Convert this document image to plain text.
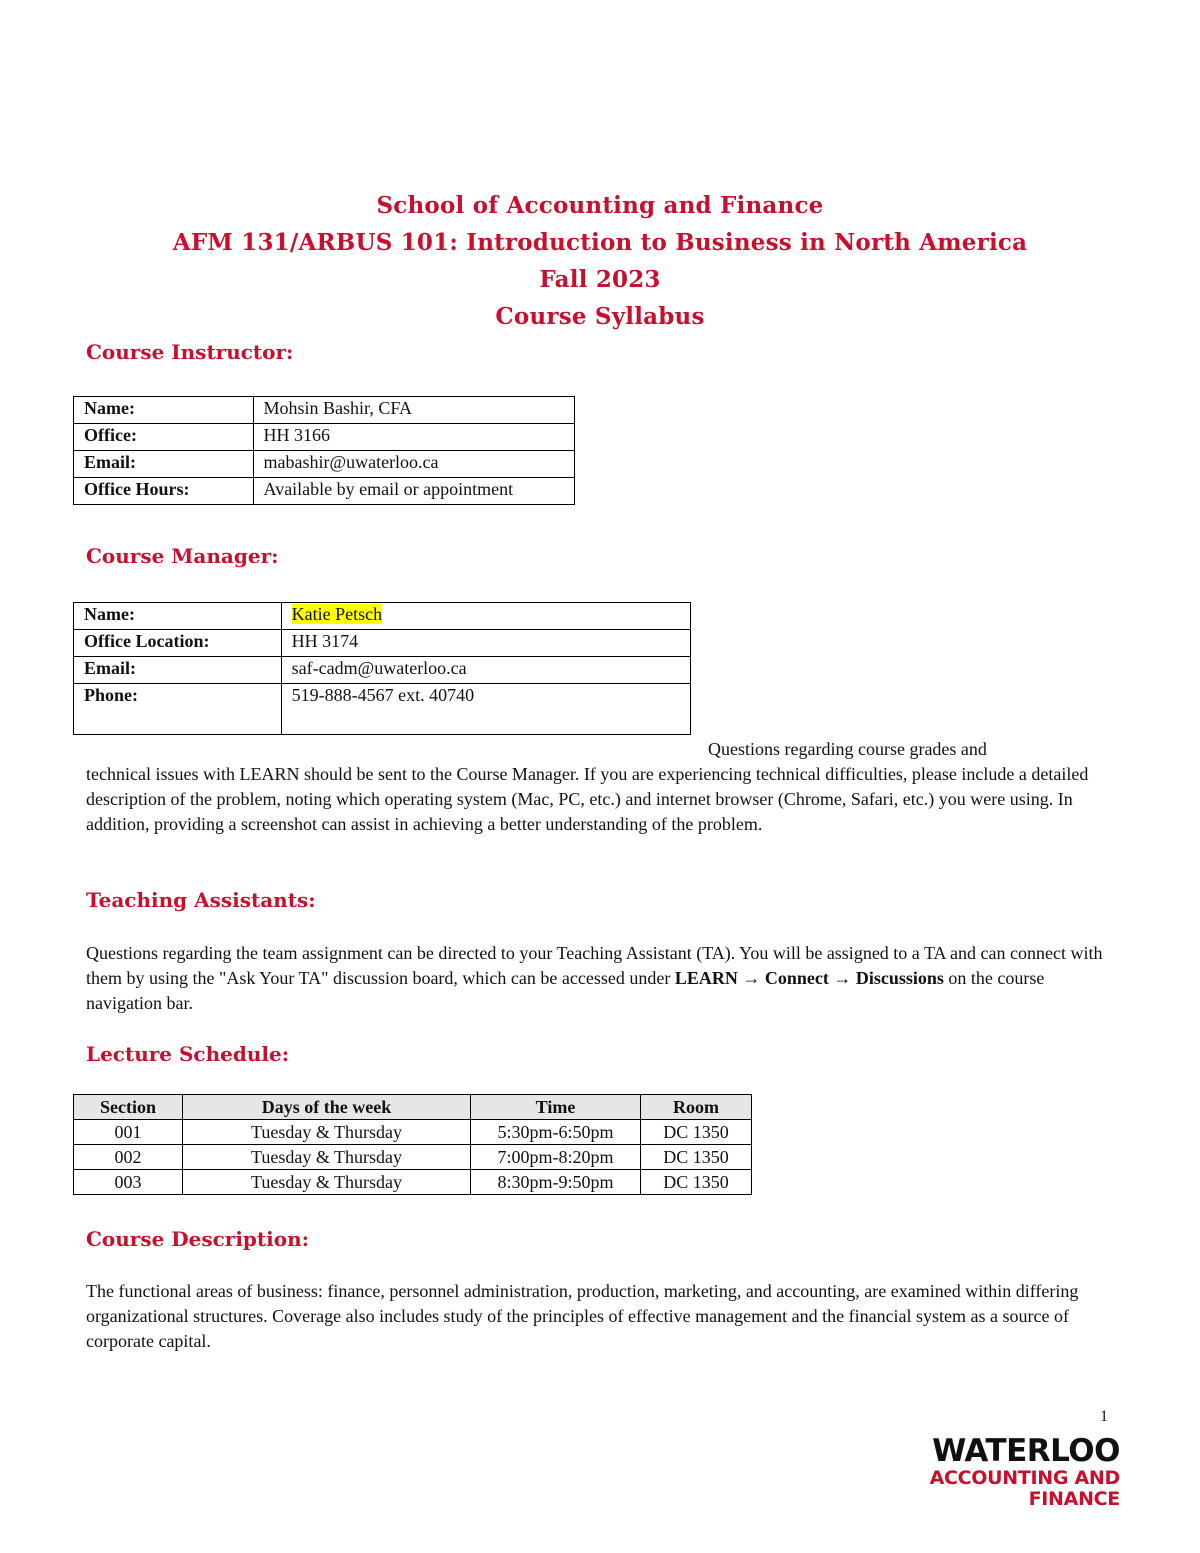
School of Accounting and Finance
AFM 131/ARBUS 101: Introduction to Business in North America
Fall 2023
Course Syllabus
Course Instructor:
Name:	Mohsin Bashir, CFA
Office:	HH 3166
Email:	mabashir@uwaterloo.ca
Office Hours:	Available by email or appointment
Course Manager:
Name:	Katie Petsch
Office Location:	HH 3174
Email:	saf-cadm@uwaterloo.ca
Phone:	519-888-4567 ext. 40740
Questions regarding course grades and
technical issues with LEARN should be sent to the Course Manager. If you are experiencing technical difficulties, please include a detailed description of the problem, noting which operating system (Mac, PC, etc.) and internet browser (Chrome, Safari, etc.) you were using. In addition, providing a screenshot can assist in achieving a better understanding of the problem.
Teaching Assistants:
Questions regarding the team assignment can be directed to your Teaching Assistant (TA). You will be assigned to a TA and can connect with them by using the "Ask Your TA" discussion board, which can be accessed under LEARN → Connect → Discussions on the course navigation bar.
Lecture Schedule:
Section	Days of the week	Time	Room
001	Tuesday & Thursday	5:30pm-6:50pm	DC 1350
002	Tuesday & Thursday	7:00pm-8:20pm	DC 1350
003	Tuesday & Thursday	8:30pm-9:50pm	DC 1350
Course Description:
The functional areas of business: finance, personnel administration, production, marketing, and accounting, are examined within differing organizational structures. Coverage also includes study of the principles of effective management and the financial system as a source of corporate capital.
1
WATERLOO
ACCOUNTING AND
FINANCE
